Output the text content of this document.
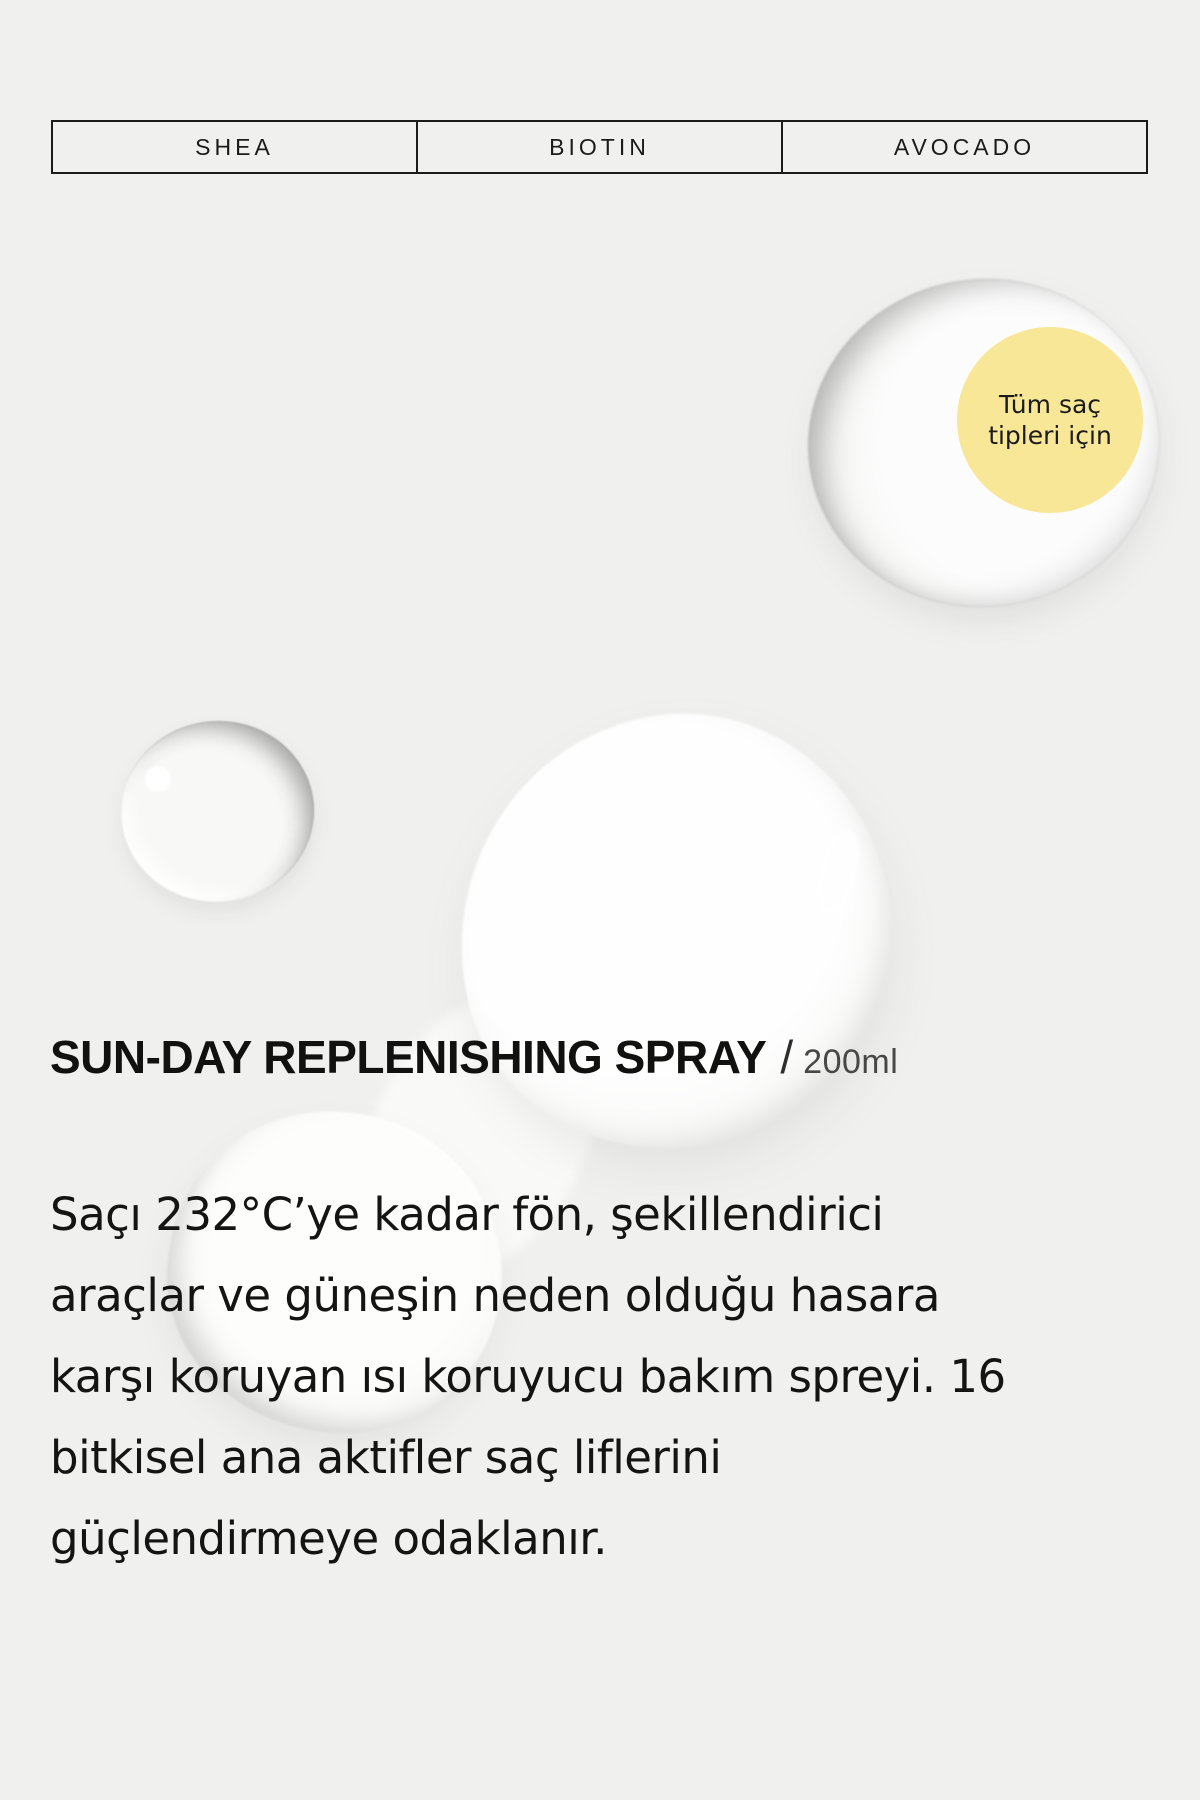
SHEA	BIOTIN	AVOCADO
Tüm saç
tipleri için
SUN-DAY REPLENISHING SPRAY / 200ml
Saçı 232°C’ye kadar fön, şekillendirici
araçlar ve güneşin neden olduğu hasara
karşı koruyan ısı koruyucu bakım spreyi. 16
bitkisel ana aktifler saç liflerini
güçlendirmeye odaklanır.
